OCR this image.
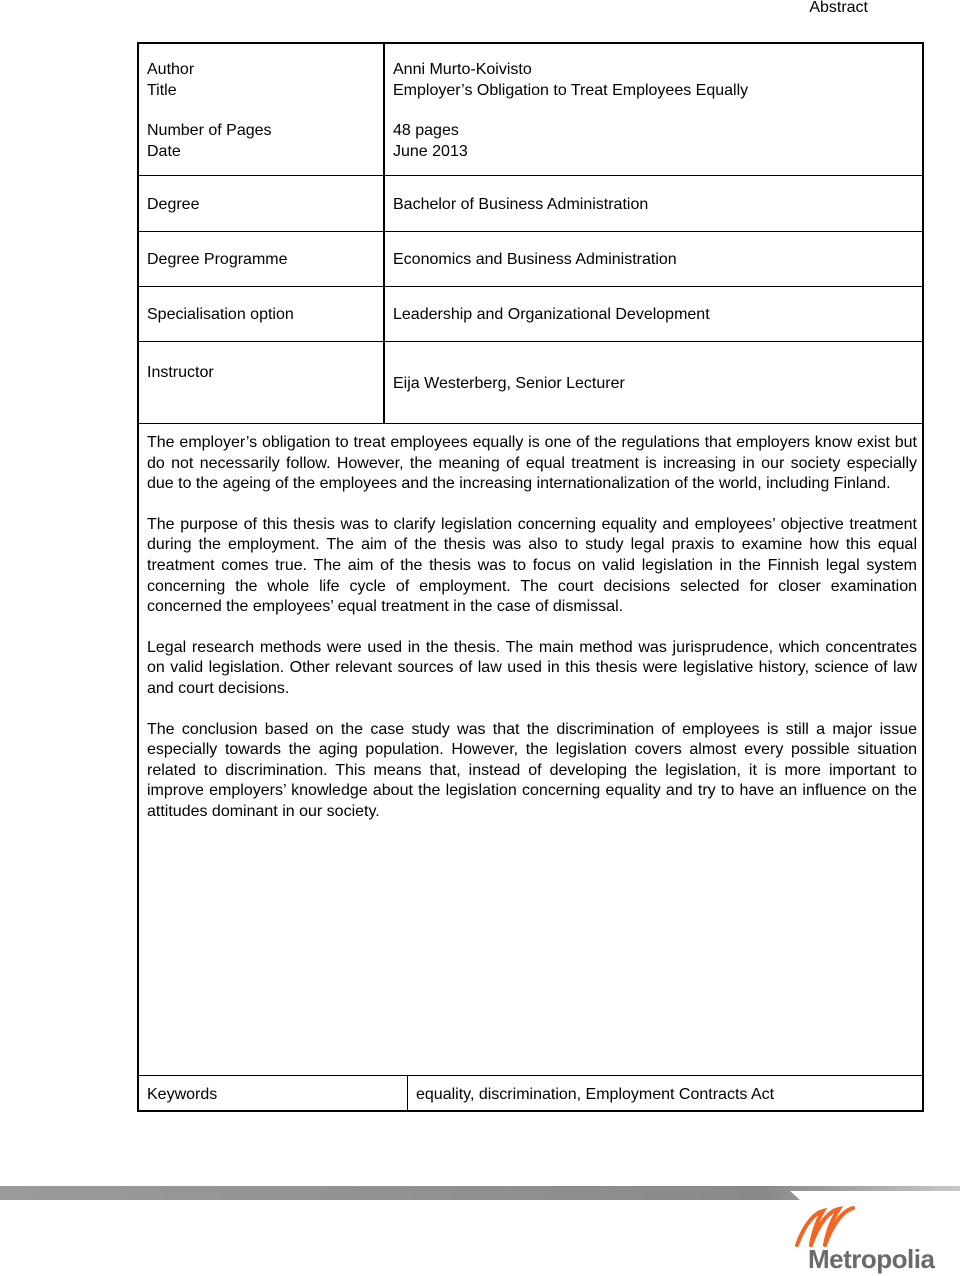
Abstract
Author
Title
Number of Pages
Date
Degree
Degree Programme
Specialisation option
Instructor
Anni Murto-Koivisto
Employer’s Obligation to Treat Employees Equally
48 pages
June 2013
Bachelor of Business Administration
Economics and Business Administration
Leadership and Organizational Development
Eija Westerberg, Senior Lecturer

The employer’s obligation to treat employees equally is one of the regulations that employers know exist but do not necessarily follow. However, the meaning of equal treatment is increasing in our society especially due to the ageing of the employees and the increasing internationalization of the world, including Finland.

The purpose of this thesis was to clarify legislation concerning equality and employees’ objective treatment during the employment. The aim of the thesis was also to study legal praxis to examine how this equal treatment comes true. The aim of the thesis was to focus on valid legislation in the Finnish legal system concerning the whole life cycle of employment. The court decisions selected for closer examination concerned the employees’ equal treatment in the case of dismissal.

Legal research methods were used in the thesis. The main method was jurisprudence, which concentrates on valid legislation. Other relevant sources of law used in this thesis were legislative history, science of law and court decisions.

The conclusion based on the case study was that the discrimination of employees is still a major issue especially towards the aging population. However, the legislation covers almost every possible situation related to discrimination. This means that, instead of developing the legislation, it is more important to improve employers’ knowledge about the legislation concerning equality and try to have an influence on the attitudes dominant in our society.

Keywords	equality, discrimination, Employment Contracts Act
Metropolia
